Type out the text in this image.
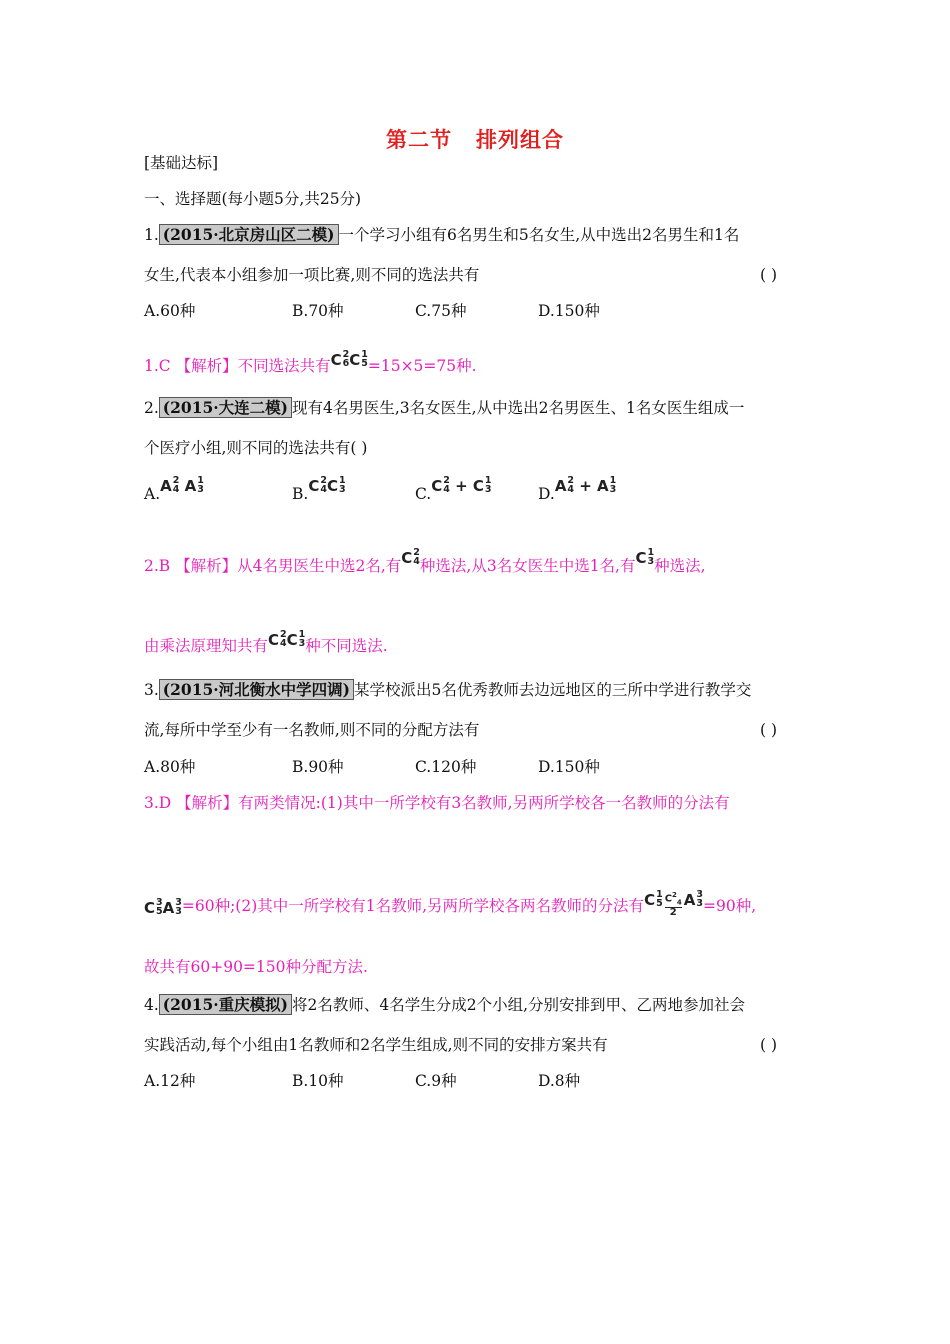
第二节 排列组合
[基础达标]
一、选择题(每小题5分,共25分)
1. (2015·北京房山区二模) 一个学习小组有6名男生和5名女生,从中选出2名男生和1名
女生,代表本小组参加一项比赛,则不同的选法共有	( )
A.60种	B.70种	C.75种	D.150种
1.C 【解析】不同选法共有 C 2
6 C 1
5 =15×5=75种.
2. (2015·大连二模) 现有4名男医生,3名女医生,从中选出2名男医生、1名女医生组成一
个医疗小组,则不同的选法共有( )
A. A 2
4 A 1
3	B. C 2
4 C 1
3	C. C 2
4 + C 1
3	D. A 2
4 + A 1
3
2.B 【解析】从4名男医生中选2名,有 C 2
4 种选法,从3名女医生中选1名,有 C 1
3 种选法,
由乘法原理知共有 C 2
4 C 1
3 种不同选法.
3. (2015·河北衡水中学四调) 某学校派出5名优秀教师去边远地区的三所中学进行教学交
流,每所中学至少有一名教师,则不同的分配方法有	( )
A.80种	B.90种	C.120种	D.150种
3.D 【解析】有两类情况:(1)其中一所学校有3名教师,另两所学校各一名教师的分法有
C 3
5 A 3
3 =60种;(2)其中一所学校有1名教师,另两所学校各两名教师的分法有 C 1
$5 \frac{C^2_4}{2}$ A 3
3 =90种,
故共有60+90=150种分配方法.
4. (2015·重庆模拟) 将2名教师、4名学生分成2个小组,分别安排到甲、乙两地参加社会
实践活动,每个小组由1名教师和2名学生组成,则不同的安排方案共有	( )
A.12种	B.10种	C.9种	D.8种
